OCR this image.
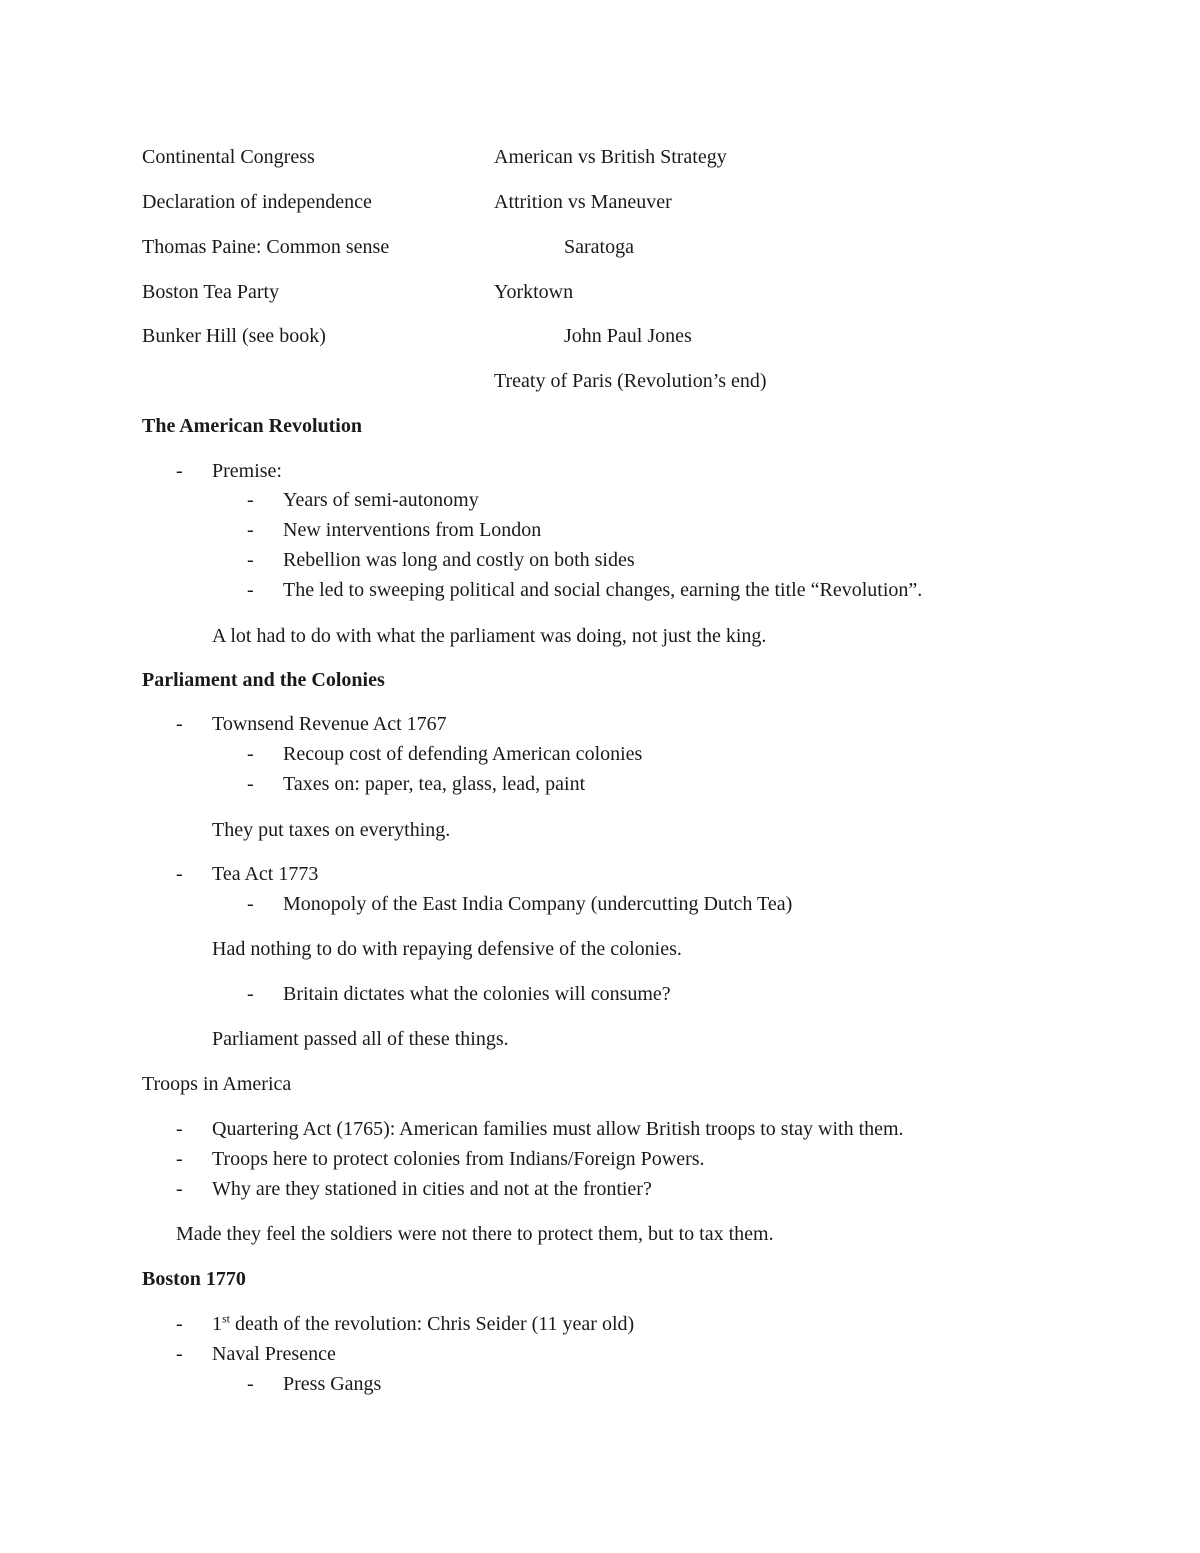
Continental Congress
Declaration of independence
Thomas Paine: Common sense
Boston Tea Party
Bunker Hill (see book)
American vs British Strategy
Attrition vs Maneuver
Saratoga
Yorktown
John Paul Jones
Treaty of Paris (Revolution’s end)
The American Revolution
- Premise:
- Years of semi-autonomy
- New interventions from London
- Rebellion was long and costly on both sides
- The led to sweeping political and social changes, earning the title “Revolution”.
A lot had to do with what the parliament was doing, not just the king.
Parliament and the Colonies
- Townsend Revenue Act 1767
- Recoup cost of defending American colonies
- Taxes on: paper, tea, glass, lead, paint
They put taxes on everything.
- Tea Act 1773
- Monopoly of the East India Company (undercutting Dutch Tea)
Had nothing to do with repaying defensive of the colonies.
- Britain dictates what the colonies will consume?
Parliament passed all of these things.
Troops in America
- Quartering Act (1765): American families must allow British troops to stay with them.
- Troops here to protect colonies from Indians/Foreign Powers.
- Why are they stationed in cities and not at the frontier?
Made they feel the soldiers were not there to protect them, but to tax them.
Boston 1770
- 1st death of the revolution: Chris Seider (11 year old)
- Naval Presence
- Press Gangs
